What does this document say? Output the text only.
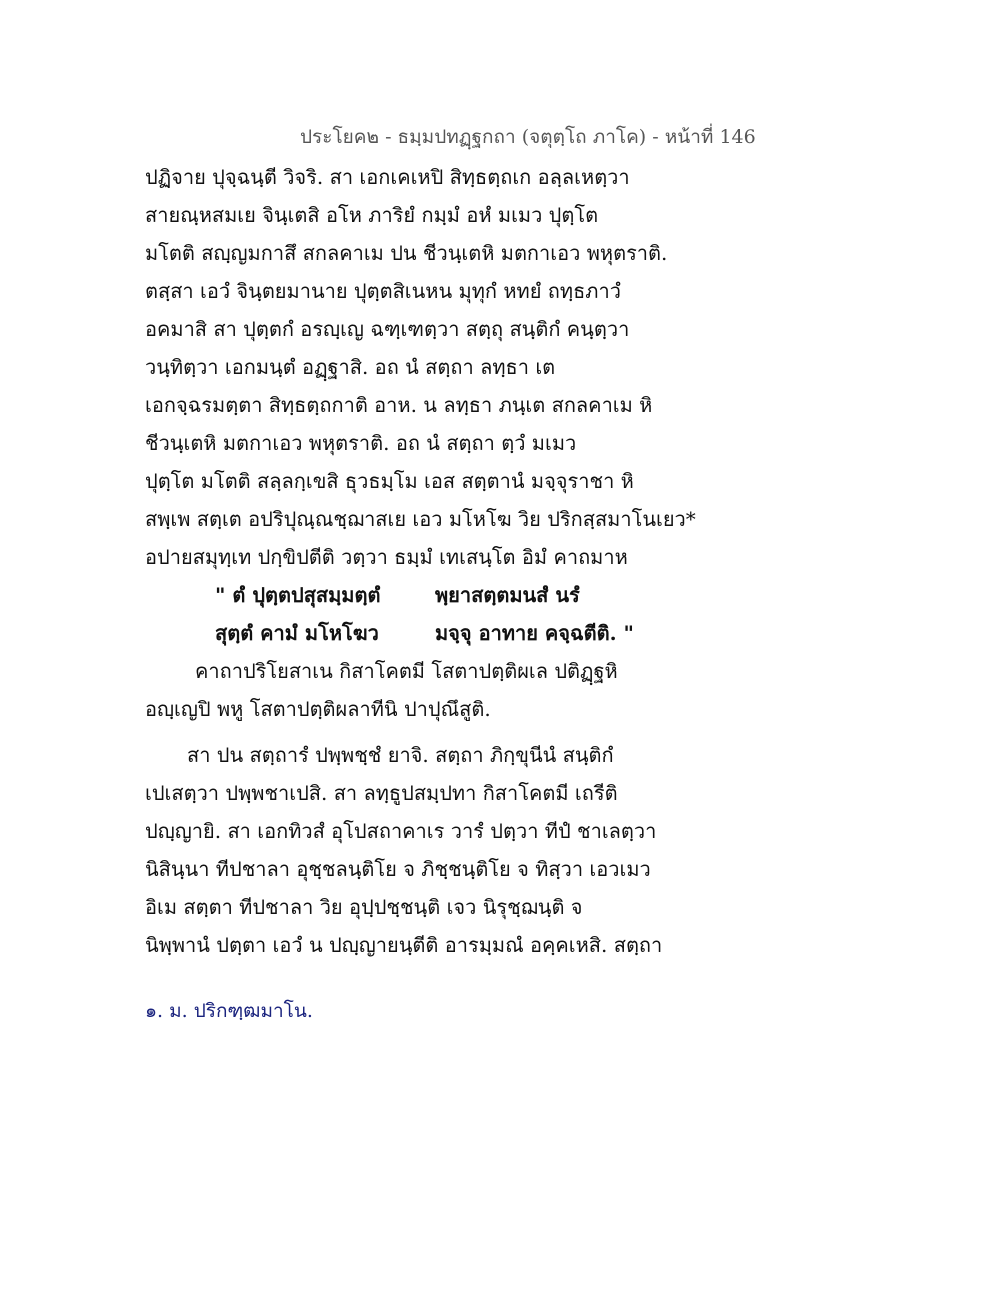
ประโยค๒ - ธมฺมปทฏฺฐกถา (จตุตฺโถ ภาโค) - หน้าที่ 146
ปฏิจาย ปุจฺฉนฺตี วิจริ. สา เอกเคเหปิ สิทฺธตฺถเก อลฺลเหตฺวา
สายณฺหสมเย จินฺเตสิ อโห ภาริยํ กมฺมํ อหํ มเมว ปุตฺโต
มโตติ สญฺญมกาสึ สกลคาเม ปน ชีวนฺเตหิ มตกาเอว พหุตราติ.
ตสฺสา เอวํ จินฺตยมานาย ปุตฺตสิเนหน มุทุกํ หทยํ ถทฺธภาวํ
อคมาสิ สา ปุตฺตกํ อรญฺเญ ฉฑฺเฑตฺวา สตฺถุ สนฺติกํ คนฺตฺวา
วนฺทิตฺวา เอกมนฺตํ อฏฺฐาสิ. อถ นํ สตฺถา ลทฺธา เต
เอกจฺฉรมตฺตา สิทฺธตฺถกาติ อาห. น ลทฺธา ภนฺเต สกลคาเม หิ
ชีวนฺเตหิ มตกาเอว พหุตราติ. อถ นํ สตฺถา ตฺวํ มเมว
ปุตฺโต มโตติ สลฺลกฺเขสิ ธุวธมฺโม เอส สตฺตานํ มจฺจุราชา หิ
สพฺเพ สตฺเต อปริปุณฺณชฺฌาสเย เอว มโหโฆ วิย ปริกสฺสมาโนเยว*
อปายสมุทฺเท ปกฺขิปตีติ วตฺวา ธมฺมํ เทเสนฺโต อิมํ คาถมาห
" ตํ ปุตฺตปสุสมฺมตฺตํ	พฺยาสตฺตมนสํ นรํ
สุตฺตํ คามํ มโหโฆว	มจฺจุ อาทาย คจฺฉตีติ. "
คาถาปริโยสาเน กิสาโคตมี โสตาปตฺติผเล ปติฏฺฐหิ
อญฺเญปิ พหู โสตาปตฺติผลาทีนิ ปาปุณึสูติ.
สา ปน สตฺถารํ ปพฺพชฺชํ ยาจิ. สตฺถา ภิกฺขุนีนํ สนฺติกํ
เปเสตฺวา ปพฺพชาเปสิ. สา ลทฺธูปสมฺปทา กิสาโคตมี เถรีติ
ปญฺญายิ. สา เอกทิวสํ อุโปสถาคาเร วารํ ปตฺวา ทีปํ ชาเลตฺวา
นิสินฺนา ทีปชาลา อุชฺชลนฺติโย จ ภิชฺชนฺติโย จ ทิสฺวา เอวเมว
อิเม สตฺตา ทีปชาลา วิย อุปฺปชฺชนฺติ เจว นิรุชฺฌนฺติ จ
นิพฺพานํ ปตฺตา เอวํ น ปญฺญายนฺตีติ อารมฺมณํ อคฺคเหสิ. สตฺถา
๑. ม. ปริกฑฺฒมาโน.
